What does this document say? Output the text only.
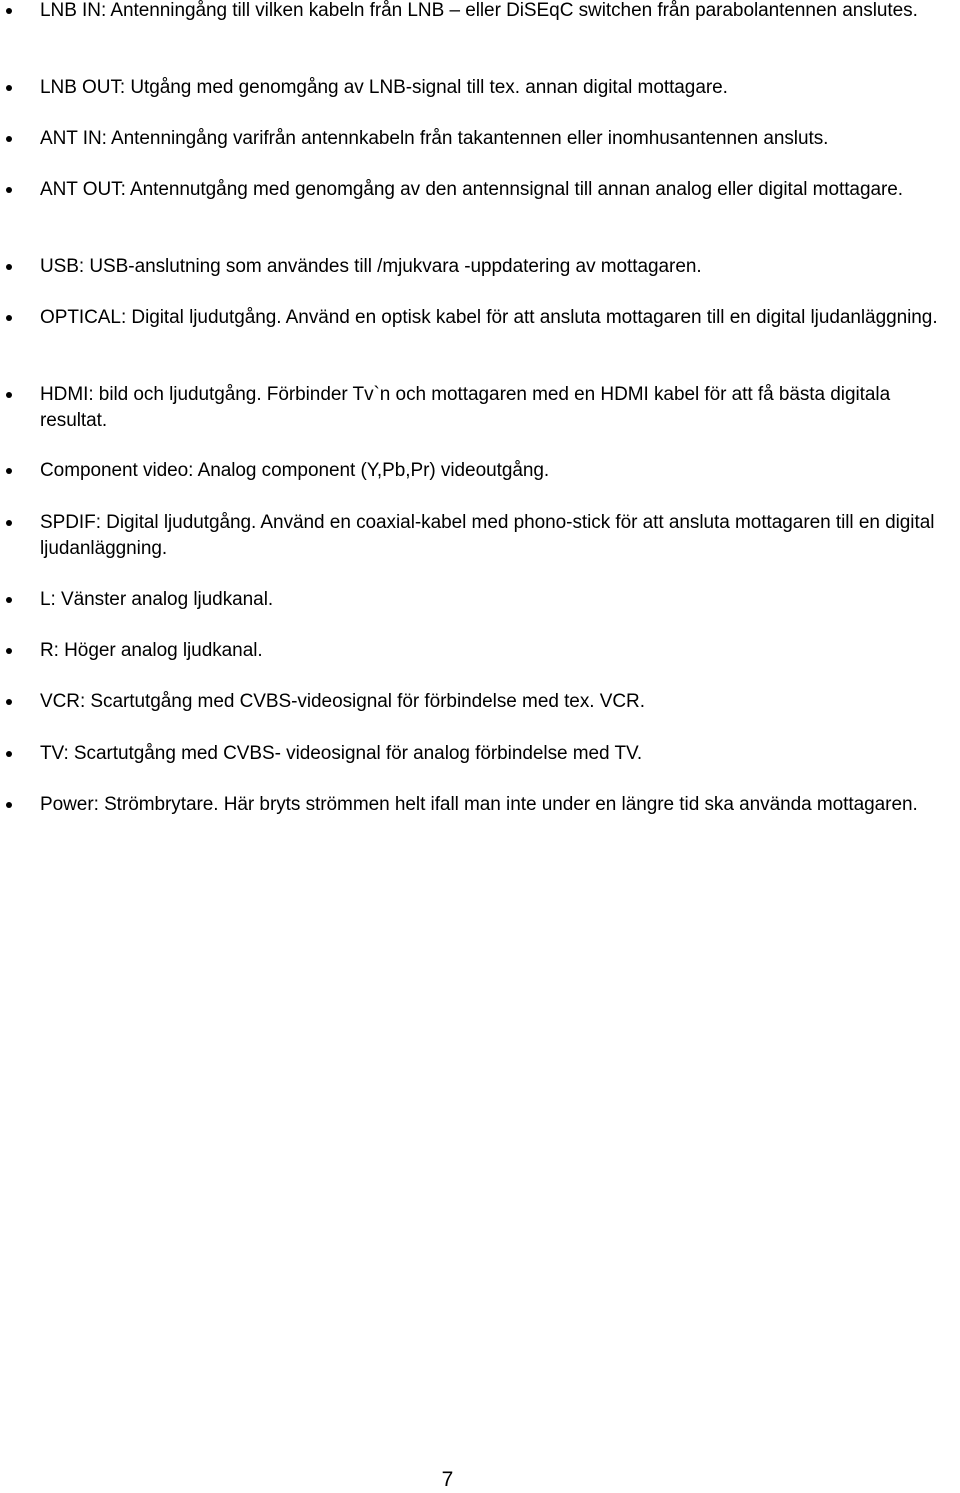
LNB IN: Antenningång till vilken kabeln från LNB – eller DiSEqC switchen från parabolantennen anslutes.
LNB OUT: Utgång med genomgång av LNB-signal till tex. annan digital mottagare.
ANT IN: Antenningång varifrån antennkabeln från takantennen eller inomhusantennen ansluts.
ANT OUT: Antennutgång med genomgång av den antennsignal till annan analog eller digital mottagare.
USB: USB-anslutning som användes till /mjukvara -uppdatering av mottagaren.
OPTICAL: Digital ljudutgång. Använd en optisk kabel för att ansluta mottagaren till en digital ljudanläggning.
HDMI: bild och ljudutgång. Förbinder Tv`n och mottagaren med en HDMI kabel för att få bästa digitala resultat.
Component video: Analog component (Y,Pb,Pr) videoutgång.
SPDIF: Digital ljudutgång. Använd en coaxial-kabel med phono-stick för att ansluta mottagaren till en digital ljudanläggning.
L: Vänster analog ljudkanal.
R: Höger analog ljudkanal.
VCR: Scartutgång med CVBS-videosignal för förbindelse med tex. VCR.
TV: Scartutgång med CVBS- videosignal för analog förbindelse med TV.
Power: Strömbrytare. Här bryts strömmen helt ifall man inte under en längre tid ska använda mottagaren.
7
